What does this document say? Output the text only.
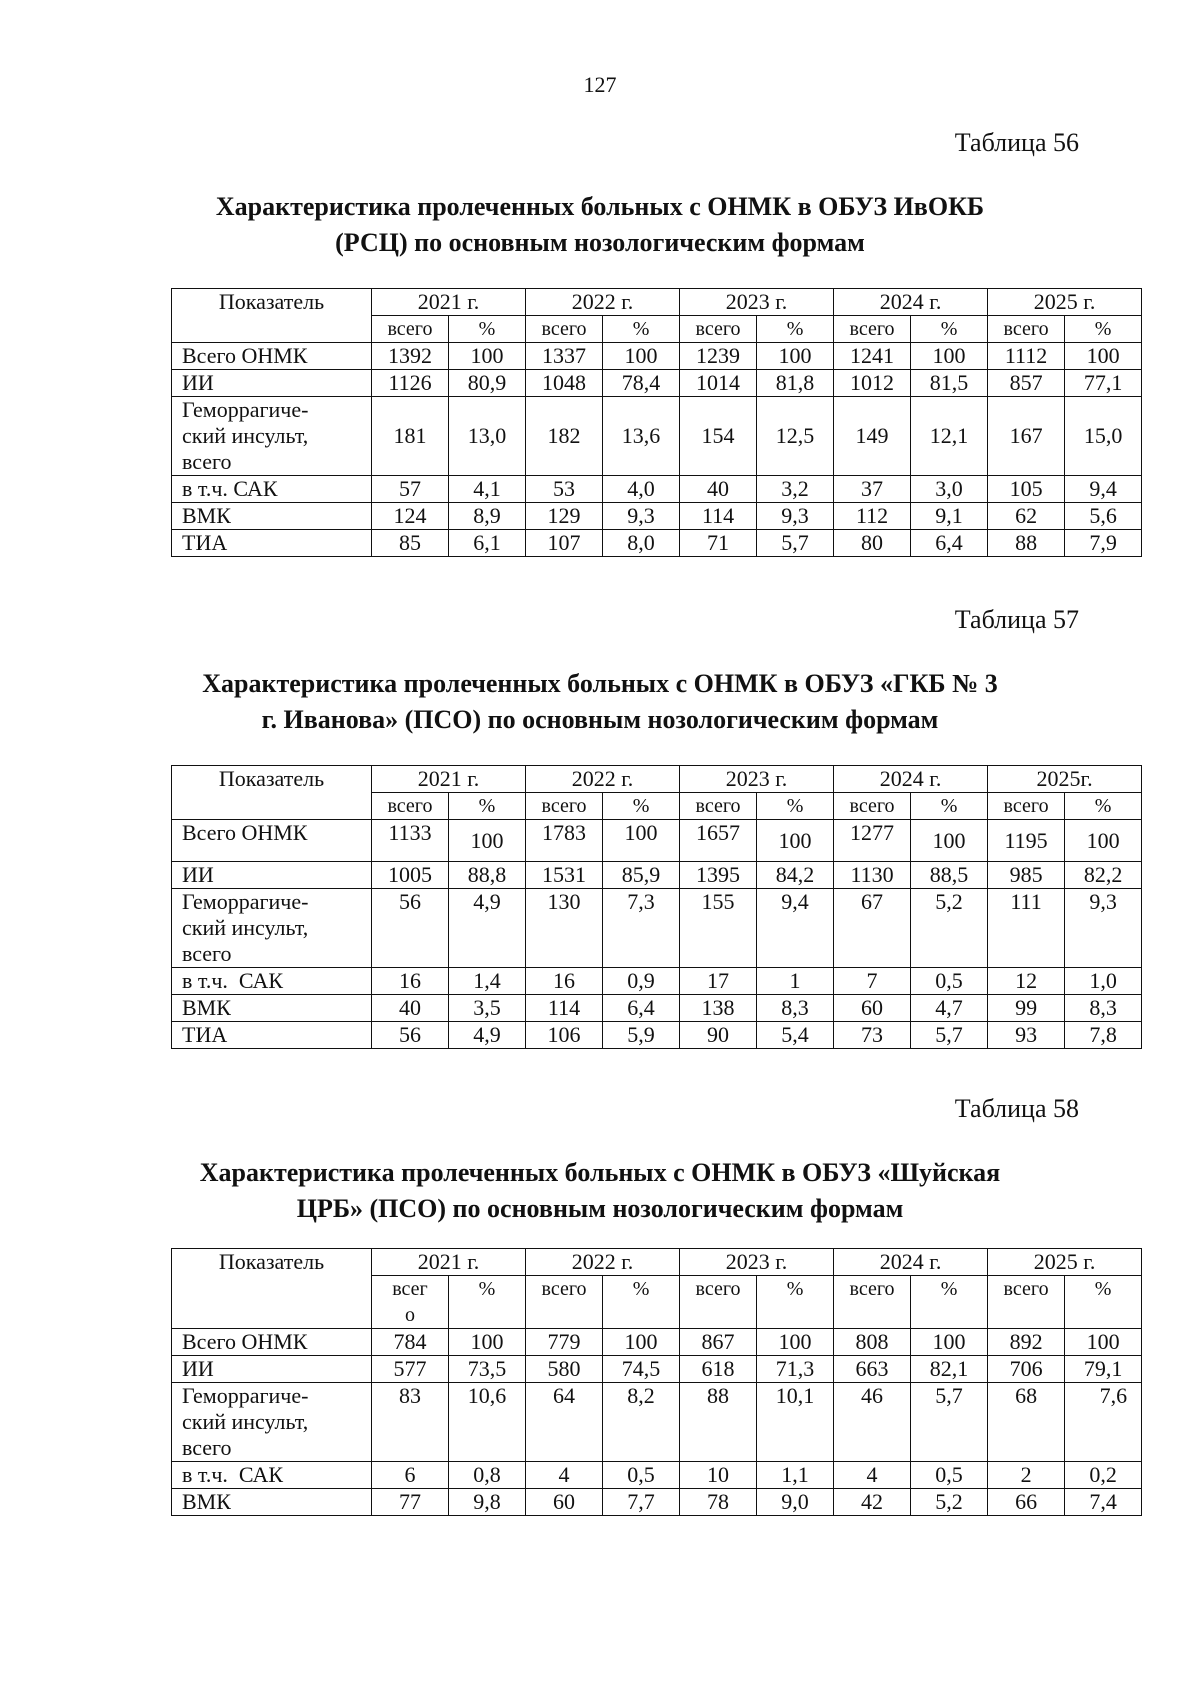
127
Таблица 56
Характеристика пролеченных больных с ОНМК в ОБУЗ ИвОКБ
(РСЦ) по основным нозологическим формам
Показатель	2021 г.		2022 г.		2023 г.		2024 г.		2025 г.	
	всего	%	всего	%	всего	%	всего	%	всего	%
Всего ОНМК	1392	100	1337	100	1239	100	1241	100	1112	100
ИИ	1126	80,9	1048	78,4	1014	81,8	1012	81,5	857	77,1

Геморрагиче-
ский инсульт,
всего	181	13,0	182	13,6	154	12,5	149	12,1	167	15,0
в т.ч. САК	57	4,1	53	4,0	40	3,2	37	3,0	105	9,4
ВМК	124	8,9	129	9,3	114	9,3	112	9,1	62	5,6
ТИА	85	6,1	107	8,0	71	5,7	80	6,4	88	7,9
Таблица 57
Характеристика пролеченных больных с ОНМК в ОБУЗ «ГКБ № 3
г. Иванова» (ПСО) по основным нозологическим формам
Показатель	2021 г.		2022 г.		2023 г.		2024 г.		2025г.	
	всего	%	всего	%	всего	%	всего	%	всего	%
Всего ОНМК	1133	100	1783	100	1657	100	1277	100	1195	100
ИИ	1005	88,8	1531	85,9	1395	84,2	1130	88,5	985	82,2

Геморрагиче-
ский инсульт,
всего	56	4,9	130	7,3	155	9,4	67	5,2	111	9,3
в т.ч.  САК	16	1,4	16	0,9	17	1	7	0,5	12	1,0
ВМК	40	3,5	114	6,4	138	8,3	60	4,7	99	8,3
ТИА	56	4,9	106	5,9	90	5,4	73	5,7	93	7,8
Таблица 58
Характеристика пролеченных больных с ОНМК в ОБУЗ «Шуйская
ЦРБ» (ПСО) по основным нозологическим формам
Показатель	2021 г.		2022 г.		2023 г.		2024 г.		2025 г.	
	всего	%	всего	%	всего	%	всего	%	всего	%
Всего ОНМК	784	100	779	100	867	100	808	100	892	100
ИИ	577	73,5	580	74,5	618	71,3	663	82,1	706	79,1

Геморрагиче-
ский инсульт,
всего	83	10,6	64	8,2	88	10,1	46	5,7	68	7,6
в т.ч.  САК	6	0,8	4	0,5	10	1,1	4	0,5	2	0,2
ВМК	77	9,8	60	7,7	78	9,0	42	5,2	66	7,4
